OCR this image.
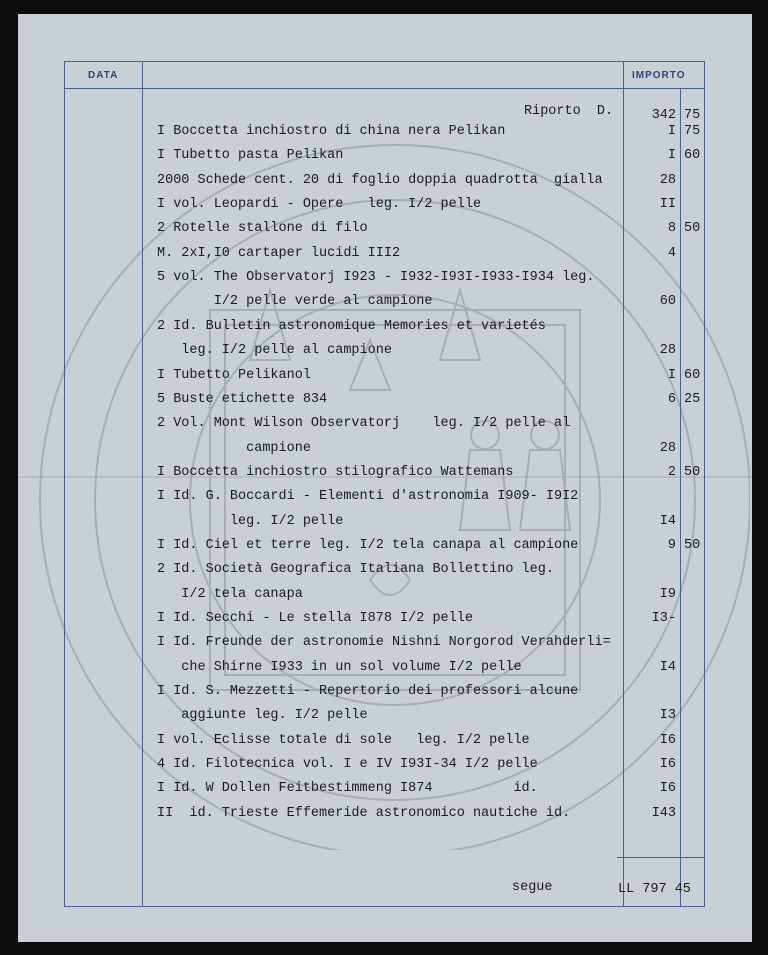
DATA	IMPORTO
Riporto  D.	342 75
I Boccetta inchiostro di china nera Pelikan	I 75
I Tubetto pasta Pelikan	I 60
2000 Schede cent. 20 di foglio doppia quadrotta  gialla	28
I vol. Leopardi - Opere   leg. I/2 pelle	II
2 Rotelle stallone di filo	8 50
M. 2xI,I0 cartaper lucidi III2	4
5 vol. The Observatorj I923 - I932-I93I-I933-I934 leg.
I/2 pelle verde al campione	60
2 Id. Bulletin astronomique Memories et varietés
leg. I/2 pelle al campione	28
I Tubetto Pelikanol	I 60
5 Buste etichette 834	6 25
2 Vol. Mont Wilson Observatorj    leg. I/2 pelle al
campione	28
I Boccetta inchiostro stilografico Wattemans	2 50
I Id. G. Boccardi - Elementi d'astronomia I909- I9I2
leg. I/2 pelle	I4
I Id. Ciel et terre leg. I/2 tela canapa al campione	9 50
2 Id. Società Geografica Italiana Bollettino leg.
I/2 tela canapa	I9
I Id. Secchi - Le stella I878 I/2 pelle	I3-
I Id. Freunde der astronomie Nishni Norgorod Verahderli=
che Shirne I933 in un sol volume I/2 pelle	I4
I Id. S. Mezzetti - Repertorio dei professori alcune
aggiunte leg. I/2 pelle	I3
I vol. Eclisse totale di sole   leg. I/2 pelle	I6
4 Id. Filotecnica vol. I e IV I93I-34 I/2 pelle	I6
I Id. W Dollen Feitbestimmeng I874          id.	I6
II  id. Trieste Effemeride astronomico nautiche id.	I43
segue	LL 797 45
